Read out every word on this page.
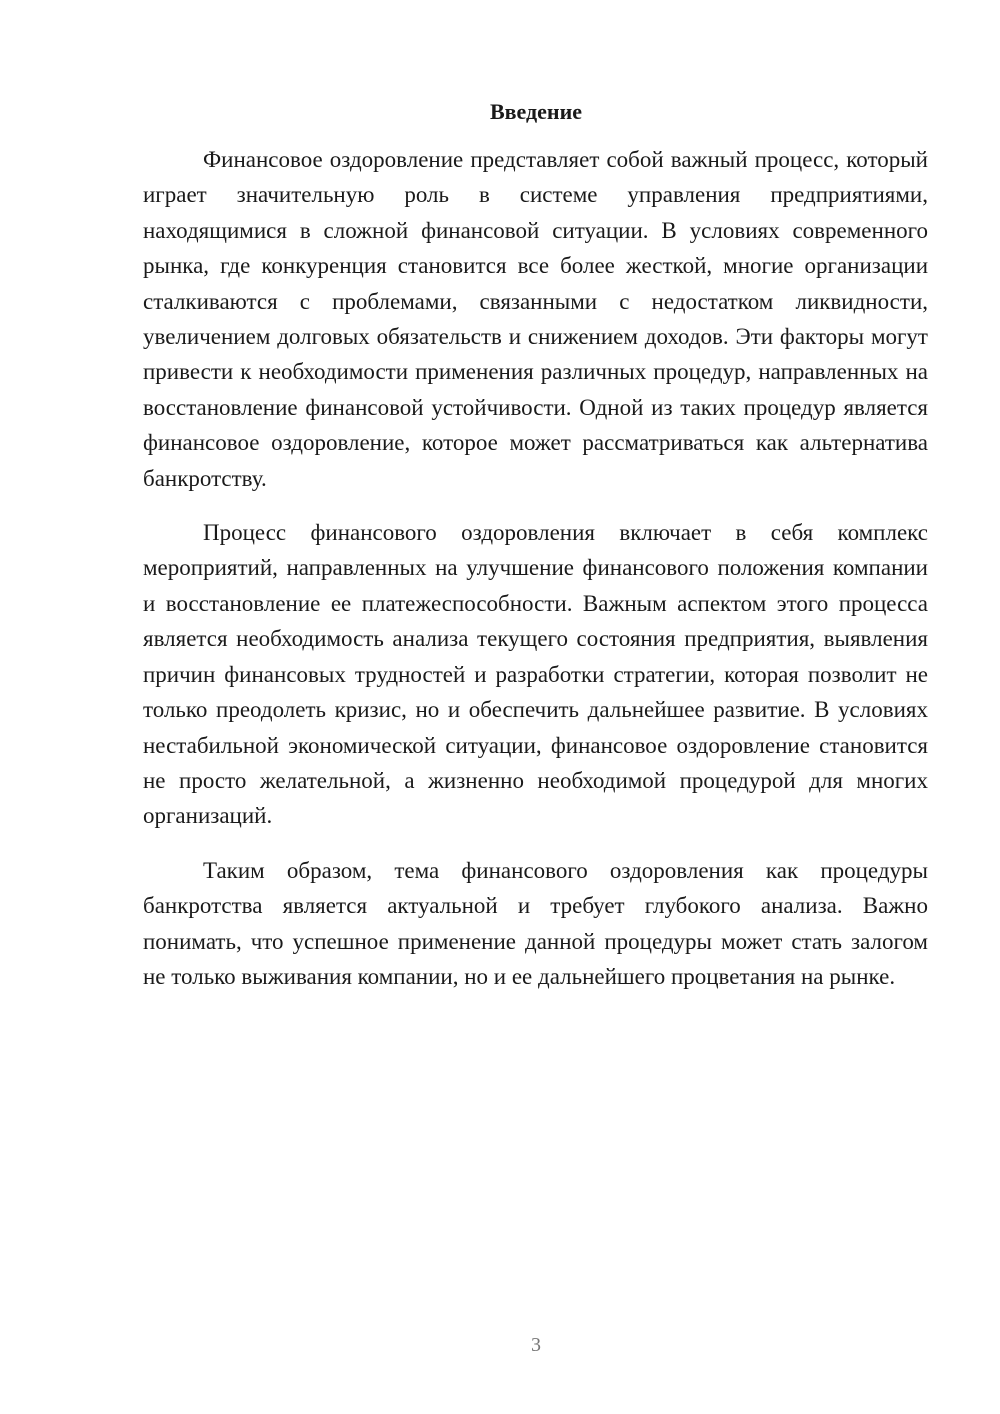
Введение

Финансовое оздоровление представляет собой важный процесс, который играет значительную роль в системе управления предприятиями, находящимися в сложной финансовой ситуации. В условиях современного рынка, где конкуренция становится все более жесткой, многие организации сталкиваются с проблемами, связанными с недостатком ликвидности, увеличением долговых обязательств и снижением доходов. Эти факторы могут привести к необходимости применения различных процедур, направленных на восстановление финансовой устойчивости. Одной из таких процедур является финансовое оздоровление, которое может рассматриваться как альтернатива банкротству.

Процесс финансового оздоровления включает в себя комплекс мероприятий, направленных на улучшение финансового положения компании и восстановление ее платежеспособности. Важным аспектом этого процесса является необходимость анализа текущего состояния предприятия, выявления причин финансовых трудностей и разработки стратегии, которая позволит не только преодолеть кризис, но и обеспечить дальнейшее развитие. В условиях нестабильной экономической ситуации, финансовое оздоровление становится не просто желательной, а жизненно необходимой процедурой для многих организаций.

Таким образом, тема финансового оздоровления как процедуры банкротства является актуальной и требует глубокого анализа. Важно понимать, что успешное применение данной процедуры может стать залогом не только выживания компании, но и ее дальнейшего процветания на рынке.

3
